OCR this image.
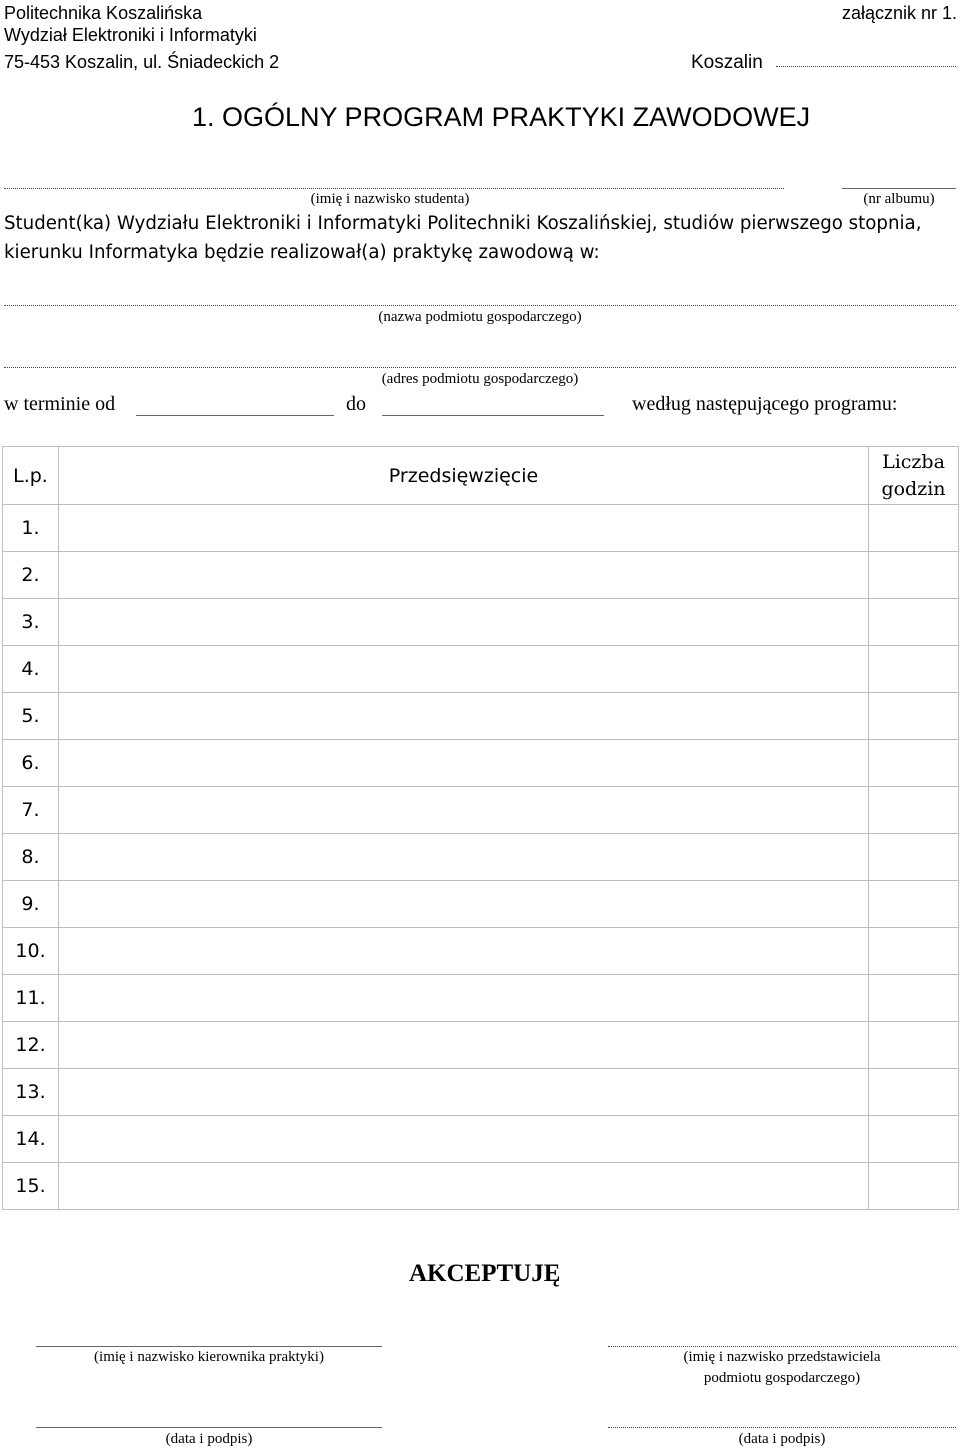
Politechnika Koszalińska
Wydział Elektroniki i Informatyki
75-453 Koszalin, ul. Śniadeckich 2
załącznik nr 1.
Koszalin
1. OGÓLNY PROGRAM PRAKTYKI ZAWODOWEJ
(imię i nazwisko studenta)	(nr albumu)
Student(ka) Wydziału Elektroniki i Informatyki Politechniki Koszalińskiej, studiów pierwszego stopnia,
kierunku Informatyka będzie realizował(a) praktykę zawodową w:
(nazwa podmiotu gospodarczego)
(adres podmiotu gospodarczego)
w terminie od	do	według następującego programu:
L.p.	Przedsięwzięcie	Liczba
godzin
1.		
2.		
3.		
4.		
5.		
6.		
7.		
8.		
9.		
10.		
11.		
12.		
13.		
14.		
15.		
AKCEPTUJĘ
(imię i nazwisko kierownika praktyki)	(imię i nazwisko przedstawiciela
podmiotu gospodarczego)
(data i podpis)	(data i podpis)
